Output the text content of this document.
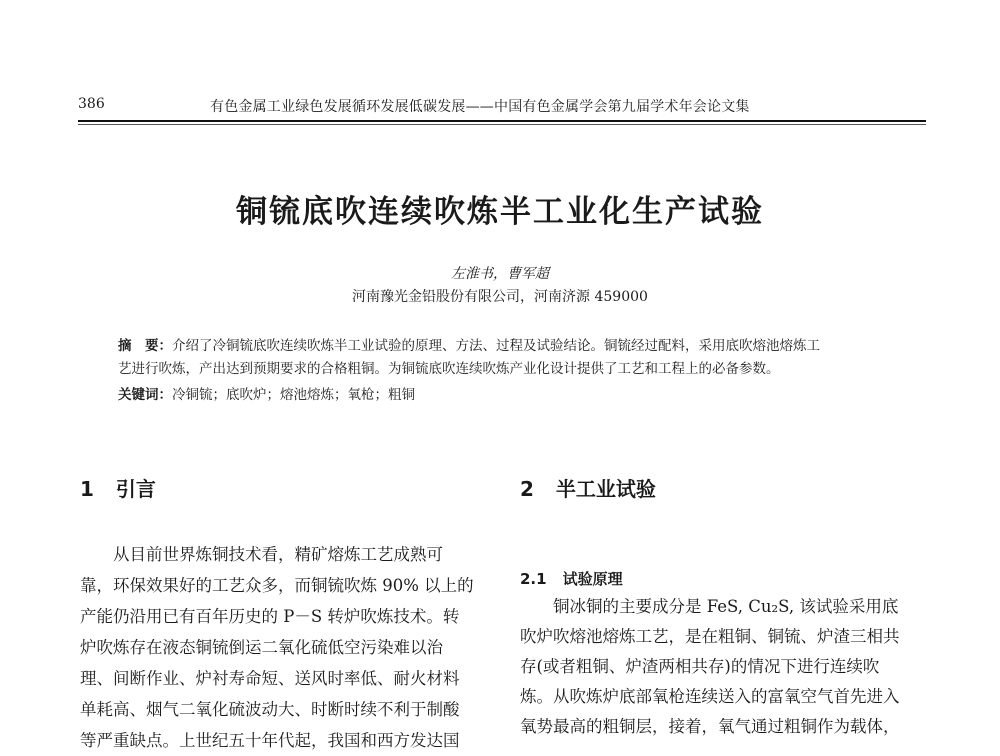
386	有色金属工业绿色发展循环发展低碳发展——中国有色金属学会第九届学术年会论文集
铜锍底吹连续吹炼半工业化生产试验
左淮书，曹军超
河南豫光金铅股份有限公司，河南济源 459000
摘　要：介绍了冷铜锍底吹连续吹炼半工业试验的原理、方法、过程及试验结论。铜锍经过配料，采用底吹熔池熔炼工
艺进行吹炼，产出达到预期要求的合格粗铜。为铜锍底吹连续吹炼产业化设计提供了工艺和工程上的必备参数。
关键词：冷铜锍；底吹炉；熔池熔炼；氧枪；粗铜
1 引言
从目前世界炼铜技术看，精矿熔炼工艺成熟可
靠，环保效果好的工艺众多，而铜锍吹炼 90% 以上的
产能仍沿用已有百年历史的 P－S 转炉吹炼技术。转
炉吹炼存在液态铜锍倒运二氧化硫低空污染难以治
理、间断作业、炉衬寿命短、送风时率低、耐火材料
单耗高、烟气二氧化硫波动大、时断时续不利于制酸
等严重缺点。上世纪五十年代起，我国和西方发达国
2 半工业试验
2.1 试验原理
铜冰铜的主要成分是 FeS, Cu₂S, 该试验采用底
吹炉吹熔池熔炼工艺，是在粗铜、铜锍、炉渣三相共
存(或者粗铜、炉渣两相共存)的情况下进行连续吹
炼。从吹炼炉底部氧枪连续送入的富氧空气首先进入
氧势最高的粗铜层，接着，氧气通过粗铜作为载体，
